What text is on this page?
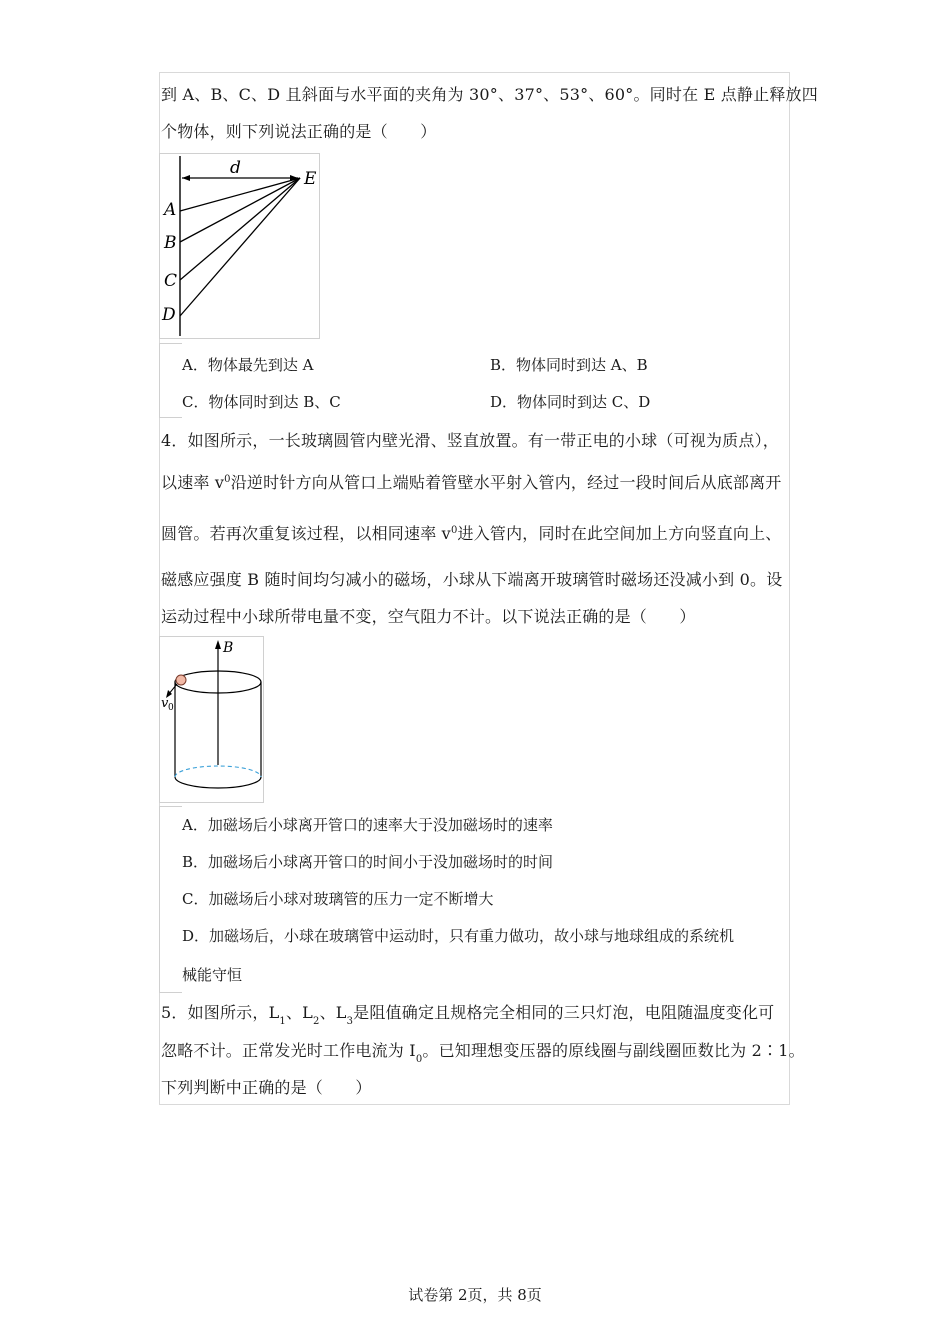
到 A、B、C、D 且斜面与水平面的夹角为 30°、37°、53°、60°。同时在 E 点静止释放四
个物体，则下列说法正确的是（　　）
d
E
A
B
C
D
A．物体最先到达 A	B．物体同时到达 A、B
C．物体同时到达 B、C	D．物体同时到达 C、D
4．如图所示，一长玻璃圆管内壁光滑、竖直放置。有一带正电的小球（可视为质点），
以速率 $v^0$沿逆时针方向从管口上端贴着管壁水平射入管内，经过一段时间后从底部离开
圆管。若再次重复该过程，以相同速率 $v^0$进入管内，同时在此空间加上方向竖直向上、
磁感应强度 B 随时间均匀减小的磁场，小球从下端离开玻璃管时磁场还没减小到 0。设
运动过程中小球所带电量不变，空气阻力不计。以下说法正确的是（　　）
B
v 0
A．加磁场后小球离开管口的速率大于没加磁场时的速率
B．加磁场后小球离开管口的时间小于没加磁场时的时间
C．加磁场后小球对玻璃管的压力一定不断增大
D．加磁场后，小球在玻璃管中运动时，只有重力做功，故小球与地球组成的系统机
械能守恒
5．如图所示，$L_1$、$L_2$、$L_3$是阻值确定且规格完全相同的三只灯泡，电阻随温度变化可
忽略不计。正常发光时工作电流为 $I_0$。已知理想变压器的原线圈与副线圈匝数比为 2∶1。
下列判断中正确的是（　　）
试卷第 2页，共 8页
